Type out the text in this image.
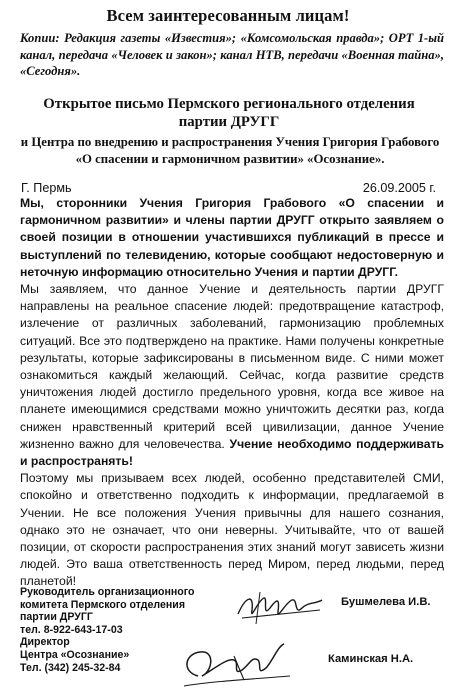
Всем заинтересованным лицам!

Копии: Редакция газеты «Известия»; «Комсомольская правда»; ОРТ 1-ый канал, передача «Человек и закон»; канал НТВ, передачи «Военная тайна», «Сегодня».

Открытое письмо Пермского регионального отделения партии ДРУГГ

и Центра по внедрению и распространения Учения Григория Грабового «О спасении и гармоничном развитии» «Осознание».

Г. Пермь	26.09.2005 г.

Мы, сторонники Учения Григория Грабового «О спасении и гармоничном развитии» и члены партии ДРУГГ открыто заявляем о своей позиции в отношении участившихся публикаций в прессе и выступлений по телевидению, которые сообщают недостоверную и неточную информацию относительно Учения и партии ДРУГГ.

Мы заявляем, что данное Учение и деятельность партии ДРУГГ направлены на реальное спасение людей: предотвращение катастроф, излечение от различных заболеваний, гармонизацию проблемных ситуаций. Все это подтверждено на практике. Нами получены конкретные результаты, которые зафиксированы в письменном виде. С ними может ознакомиться каждый желающий. Сейчас, когда развитие средств уничтожения людей достигло предельного уровня, когда все живое на планете имеющимися средствами можно уничтожить десятки раз, когда снижен нравственный критерий всей цивилизации, данное Учение жизненно важно для человечества. Учение необходимо поддерживать и распространять!

Поэтому мы призываем всех людей, особенно представителей СМИ, спокойно и ответственно подходить к информации, предлагаемой в Учении. Не все положения Учения привычны для нашего сознания, однако это не означает, что они неверны. Учитывайте, что от вашей позиции, от скорости распространения этих знаний могут зависеть жизни людей. Это ваша ответственность перед Миром, перед людьми, перед планетой!

Руководитель организационного
комитета Пермского отделения
партии ДРУГГ
тел. 8-922-643-17-03
Директор
Центра «Осознание»
Тел. (342) 245-32-84
Бушмелева И.В.
Каминская Н.А.
